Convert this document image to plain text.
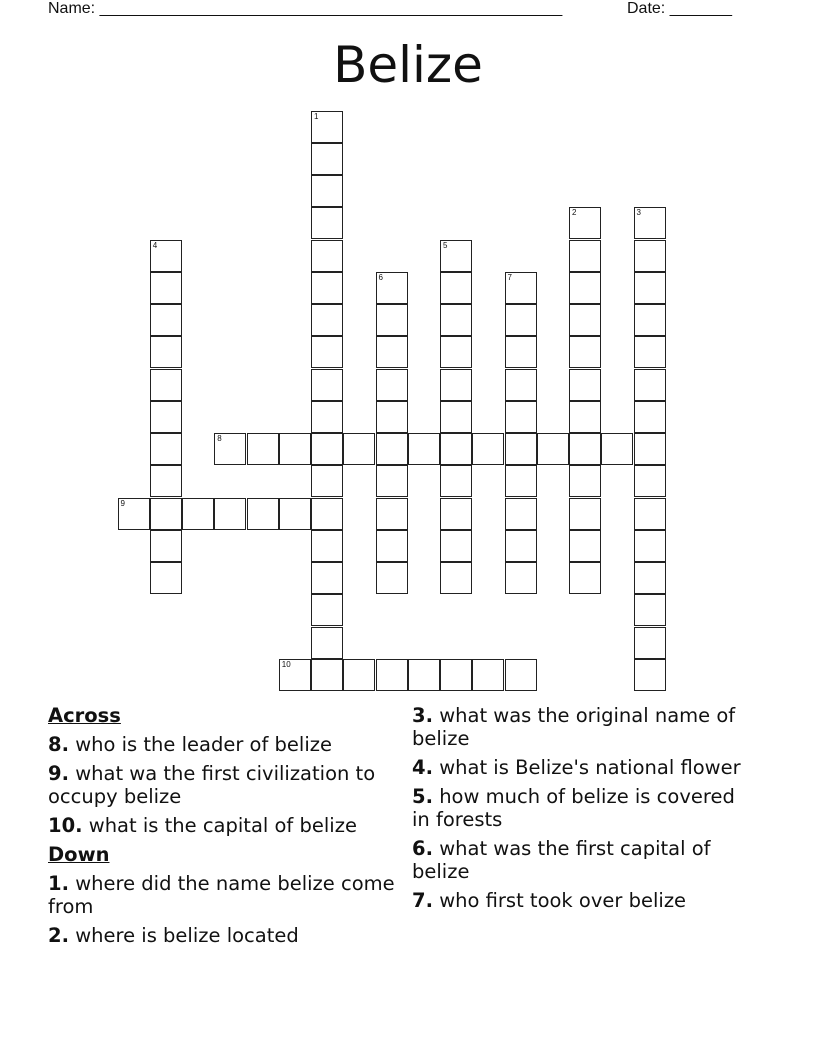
Name: ____________________________________________________	Date: _______
Belize
1
2	3
4	5
6	7
8
9
10
Across
8. who is the leader of belize
9. what wa the first civilization to occupy belize
10. what is the capital of belize
Down
1. where did the name belize come from
2. where is belize located
3. what was the original name of belize
4. what is Belize's national flower
5. how much of belize is covered in forests
6. what was the first capital of belize
7. who first took over belize
